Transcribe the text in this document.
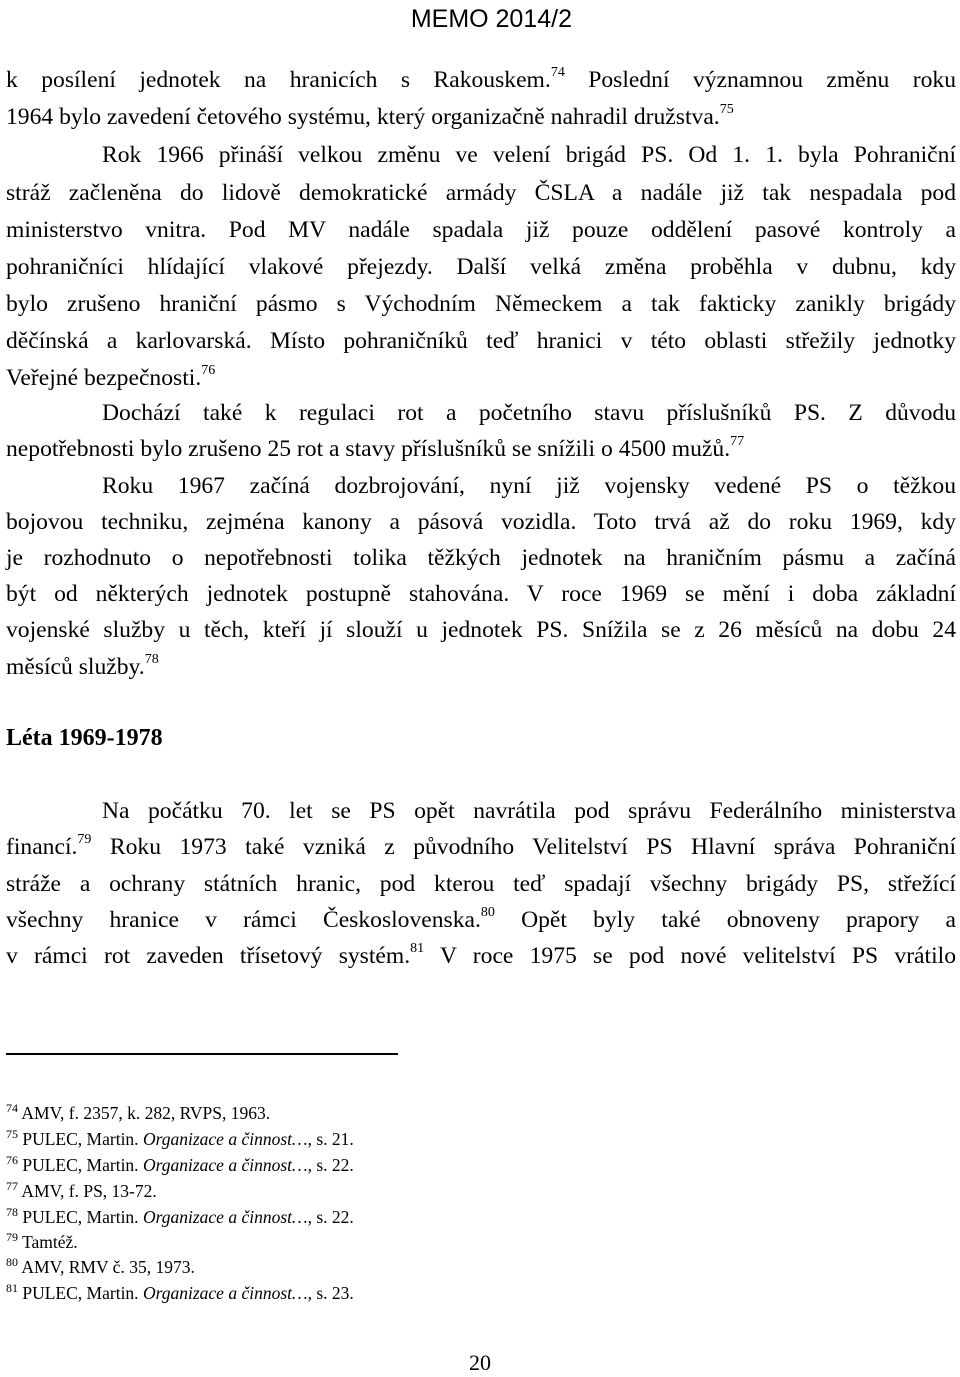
MEMO 2014/2
k posílení jednotek na hranicích s Rakouskem.$^{74}$ Poslední významnou změnu roku
1964 bylo zavedení četového systému, který organizačně nahradil družstva.$^{75}$
Rok 1966 přináší velkou změnu ve velení brigád PS. Od 1. 1. byla Pohraniční
stráž začleněna do lidově demokratické armády ČSLA a nadále již tak nespadala pod
ministerstvo vnitra. Pod MV nadále spadala již pouze oddělení pasové kontroly a
pohraničníci hlídající vlakové přejezdy. Další velká změna proběhla v dubnu, kdy
bylo zrušeno hraniční pásmo s Východním Německem a tak fakticky zanikly brigády
děčínská a karlovarská. Místo pohraničníků teď hranici v této oblasti střežily jednotky
Veřejné bezpečnosti.$^{76}$
Dochází také k regulaci rot a početního stavu příslušníků PS. Z důvodu
nepotřebnosti bylo zrušeno 25 rot a stavy příslušníků se snížili o 4500 mužů.$^{77}$
Roku 1967 začíná dozbrojování, nyní již vojensky vedené PS o těžkou
bojovou techniku, zejména kanony a pásová vozidla. Toto trvá až do roku 1969, kdy
je rozhodnuto o nepotřebnosti tolika těžkých jednotek na hraničním pásmu a začíná
být od některých jednotek postupně stahována. V roce 1969 se mění i doba základní
vojenské služby u těch, kteří jí slouží u jednotek PS. Snížila se z 26 měsíců na dobu 24
měsíců služby.$^{78}$
Léta 1969-1978
Na počátku 70. let se PS opět navrátila pod správu Federálního ministerstva
financí.$^{79}$ Roku 1973 také vzniká z původního Velitelství PS Hlavní správa Pohraniční
stráže a ochrany státních hranic, pod kterou teď spadají všechny brigády PS, střežící
všechny hranice v rámci Československa.$^{80}$ Opět byly také obnoveny prapory a
v rámci rot zaveden třísetový systém.$^{81}$ V roce 1975 se pod nové velitelství PS vrátilo
$^{74}$ AMV, f. 2357, k. 282, RVPS, 1963.
$^{75}$ PULEC, Martin. Organizace a činnost…, s. 21.
$^{76}$ PULEC, Martin. Organizace a činnost…, s. 22.
$^{77}$ AMV, f. PS, 13-72.
$^{78}$ PULEC, Martin. Organizace a činnost…, s. 22.
$^{79}$ Tamtéž.
$^{80}$ AMV, RMV č. 35, 1973.
$^{81}$ PULEC, Martin. Organizace a činnost…, s. 23.
20
